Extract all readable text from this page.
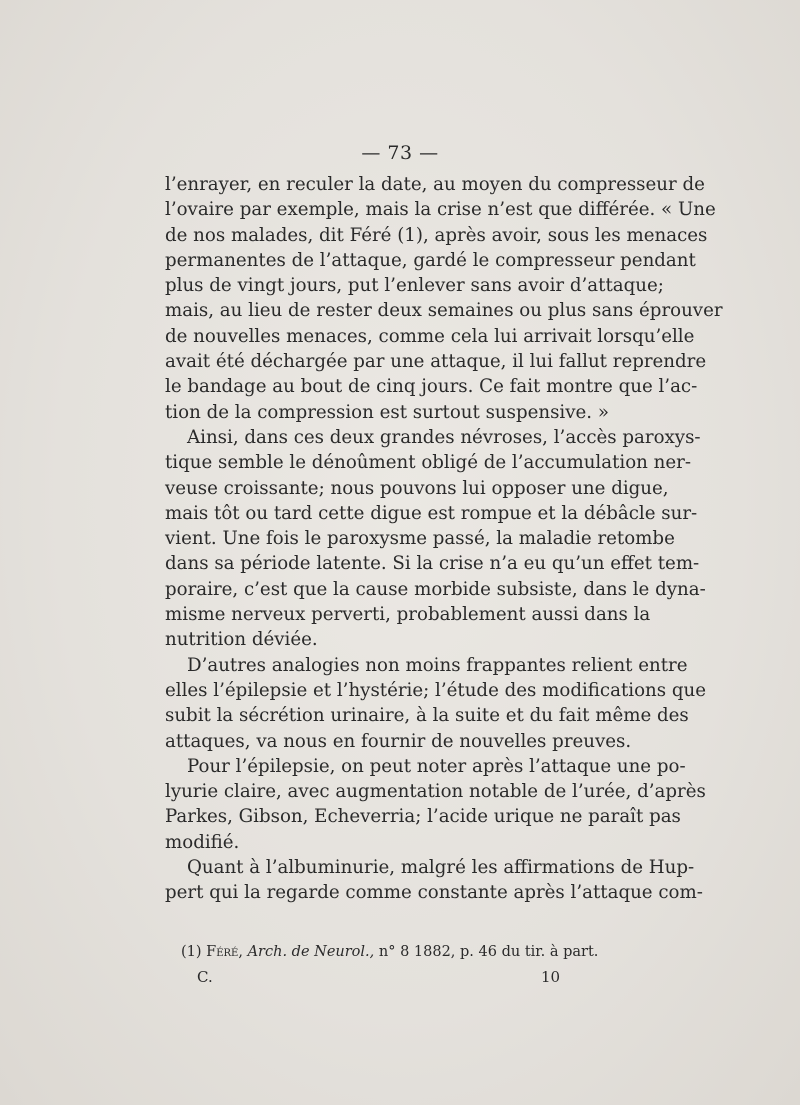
— 73 —
l’enrayer, en reculer la date, au moyen du compresseur de
l’ovaire par exemple, mais la crise n’est que différée. « Une
de nos malades, dit Féré (1), après avoir, sous les menaces
permanentes de l’attaque, gardé le compresseur pendant
plus de vingt jours, put l’enlever sans avoir d’attaque;
mais, au lieu de rester deux semaines ou plus sans éprouver
de nouvelles menaces, comme cela lui arrivait lorsqu’elle
avait été déchargée par une attaque, il lui fallut reprendre
le bandage au bout de cinq jours. Ce fait montre que l’ac-
tion de la compression est surtout suspensive. »
Ainsi, dans ces deux grandes névroses, l’accès paroxys-
tique semble le dénoûment obligé de l’accumulation ner-
veuse croissante; nous pouvons lui opposer une digue,
mais tôt ou tard cette digue est rompue et la débâcle sur-
vient. Une fois le paroxysme passé, la maladie retombe
dans sa période latente. Si la crise n’a eu qu’un effet tem-
poraire, c’est que la cause morbide subsiste, dans le dyna-
misme nerveux perverti, probablement aussi dans la
nutrition déviée.
D’autres analogies non moins frappantes relient entre
elles l’épilepsie et l’hystérie; l’étude des modifications que
subit la sécrétion urinaire, à la suite et du fait même des
attaques, va nous en fournir de nouvelles preuves.
Pour l’épilepsie, on peut noter après l’attaque une po-
lyurie claire, avec augmentation notable de l’urée, d’après
Parkes, Gibson, Echeverria; l’acide urique ne paraît pas
modifié.
Quant à l’albuminurie, malgré les affirmations de Hup-
pert qui la regarde comme constante après l’attaque com-
(1) Féré, Arch. de Neurol., n° 8 1882, p. 46 du tir. à part.
C.	10
